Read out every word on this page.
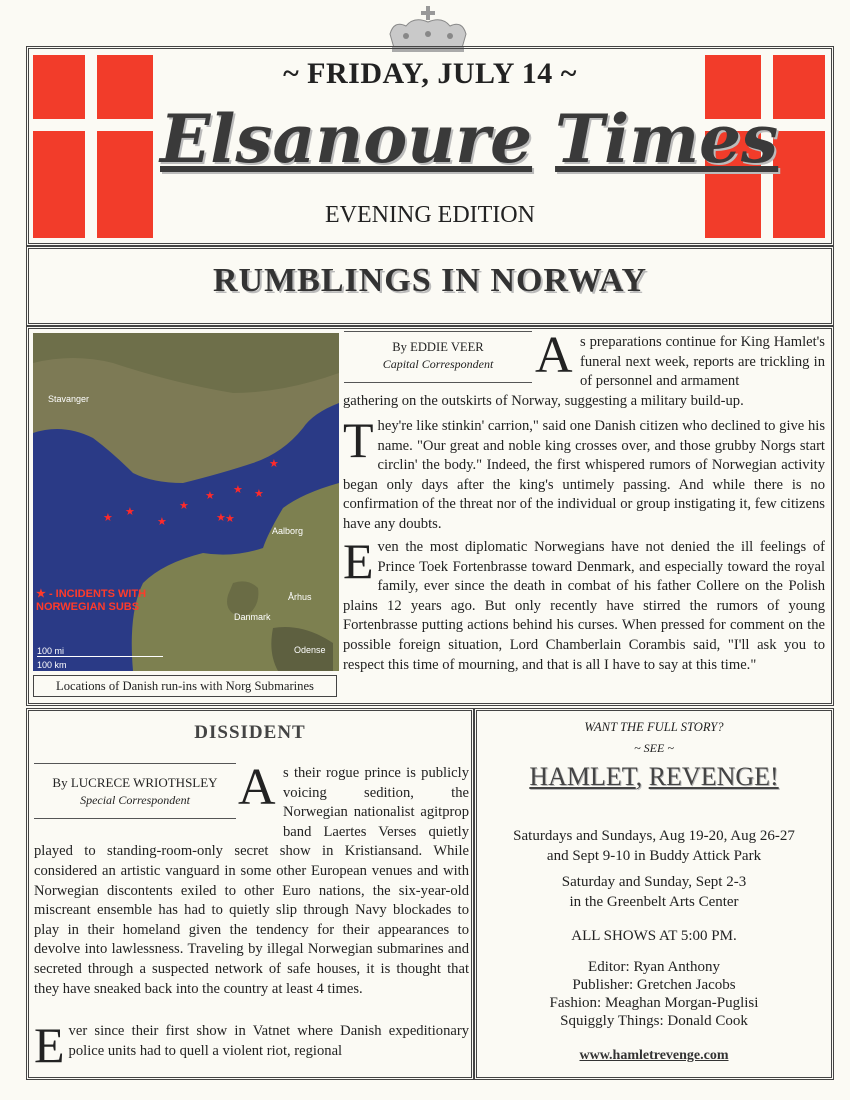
~ FRIDAY, JULY 14 ~
Elsanoure Times
EVENING EDITION
RUMBLINGS IN NORWAY
Stavanger
Aalborg
Århus
Danmark
Odense
★ - INCIDENTS WITH NORWEGIAN SUBS
100 mi
100 km
★
★ ★
★
★
★
★	★	★ ★
Locations of Danish run-ins with Norg Submarines
By EDDIE VEER
Capital Correspondent A s preparations continue for King Hamlet's funeral next week, reports are trickling in of personnel and armament
gathering on the outskirts of Norway, suggesting a military build-up.
T hey're like stinkin' carrion," said one Danish citizen who declined to give his name. "Our great and noble king crosses over, and those grubby Norgs start circlin' the body." Indeed, the first whispered rumors of Norwegian activity began only days after the king's untimely passing. And while there is no confirmation of the threat nor of the individual or group instigating it, few citizens have any doubts.
E ven the most diplomatic Norwegians have not denied the ill feelings of Prince Toek Fortenbrasse toward Denmark, and especially toward the royal family, ever since the death in combat of his father Collere on the Polish plains 12 years ago. But only recently have stirred the rumors of young Fortenbrasse putting actions behind his curses. When pressed for comment on the possible foreign situation, Lord Chamberlain Corambis said, "I'll ask you to respect this time of mourning, and that is all I have to say at this time."
DISSIDENT
By LUCRECE WRIOTHSLEY
Special Correspondent A s their rogue prince is publicly voicing sedition, the Norwegian nationalist agitprop band Laertes Verses quietly played to standing-room-only secret show in Kristiansand. While considered an artistic vanguard in some other European venues and with Norwegian discontents exiled to other Euro nations, the six-year-old miscreant ensemble has had to quietly slip through Navy blockades to play in their homeland given the tendency for their appearances to devolve into lawlessness. Traveling by illegal Norwegian submarines and secreted through a suspected network of safe houses, it is thought that they have sneaked back into the country at least 4 times.
E ver since their first show in Vatnet where Danish expeditionary police units had to quell a violent riot, regional
WANT THE FULL STORY?
~ SEE ~
HAMLET, REVENGE!
Saturdays and Sundays, Aug 19-20, Aug 26-27
and Sept 9-10 in Buddy Attick Park
Saturday and Sunday, Sept 2-3
in the Greenbelt Arts Center
ALL SHOWS AT 5:00 PM.
Editor: Ryan Anthony
Publisher: Gretchen Jacobs
Fashion: Meaghan Morgan-Puglisi
Squiggly Things: Donald Cook
www.hamletrevenge.com
